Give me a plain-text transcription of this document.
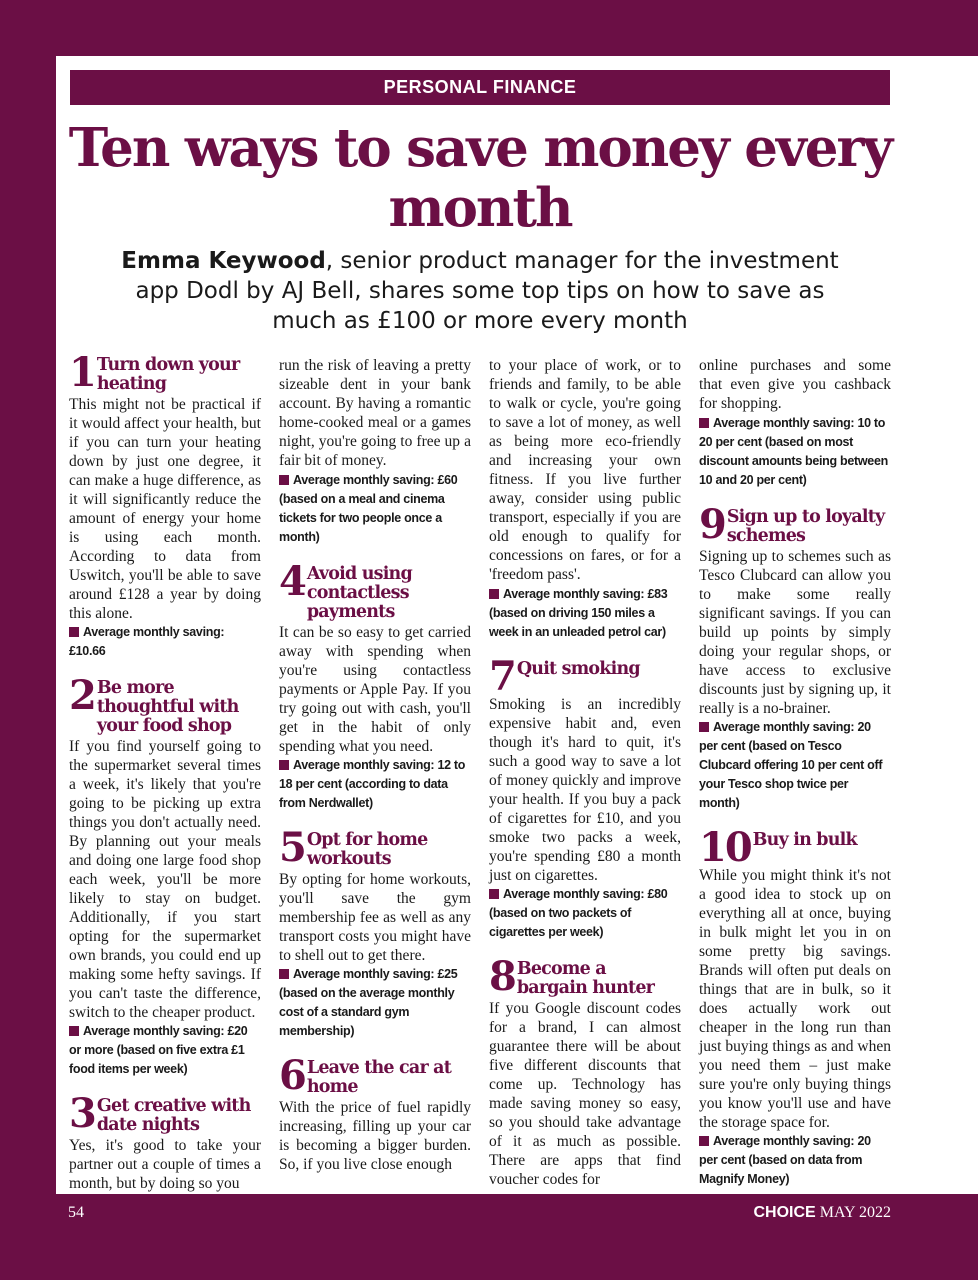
PERSONAL FINANCE
Ten ways to save money every month

Emma Keywood, senior product manager for the investment app Dodl by AJ Bell, shares some top tips on how to save as much as £100 or more every month

1 Turn down your heating

This might not be practical if it would affect your health, but if you can turn your heating down by just one degree, it can make a huge difference, as it will significantly reduce the amount of energy your home is using each month. According to data from Uswitch, you'll be able to save around £128 a year by doing this alone.

Average monthly saving: £10.66

2 Be more thoughtful with your food shop

If you find yourself going to the supermarket several times a week, it's likely that you're going to be picking up extra things you don't actually need. By planning out your meals and doing one large food shop each week, you'll be more likely to stay on budget. Additionally, if you start opting for the supermarket own brands, you could end up making some hefty savings. If you can't taste the difference, switch to the cheaper product.

Average monthly saving: £20 or more (based on five extra £1 food items per week)

3 Get creative with date nights

Yes, it's good to take your partner out a couple of times a month, but by doing so you

run the risk of leaving a pretty sizeable dent in your bank account. By having a romantic home-cooked meal or a games night, you're going to free up a fair bit of money.

Average monthly saving: £60 (based on a meal and cinema tickets for two people once a month)

4 Avoid using contactless payments

It can be so easy to get carried away with spending when you're using contactless payments or Apple Pay. If you try going out with cash, you'll get in the habit of only spending what you need.

Average monthly saving: 12 to 18 per cent (according to data from Nerdwallet)

5 Opt for home workouts

By opting for home workouts, you'll save the gym membership fee as well as any transport costs you might have to shell out to get there.

Average monthly saving: £25 (based on the average monthly cost of a standard gym membership)

6 Leave the car at home

With the price of fuel rapidly increasing, filling up your car is becoming a bigger burden. So, if you live close enough

to your place of work, or to friends and family, to be able to walk or cycle, you're going to save a lot of money, as well as being more eco-friendly and increasing your own fitness. If you live further away, consider using public transport, especially if you are old enough to qualify for concessions on fares, or for a 'freedom pass'.

Average monthly saving: £83 (based on driving 150 miles a week in an unleaded petrol car)

7 Quit smoking

Smoking is an incredibly expensive habit and, even though it's hard to quit, it's such a good way to save a lot of money quickly and improve your health. If you buy a pack of cigarettes for £10, and you smoke two packs a week, you're spending £80 a month just on cigarettes.

Average monthly saving: £80 (based on two packets of cigarettes per week)

8 Become a bargain hunter

If you Google discount codes for a brand, I can almost guarantee there will be about five different discounts that come up. Technology has made saving money so easy, so you should take advantage of it as much as possible. There are apps that find voucher codes for

online purchases and some that even give you cashback for shopping.

Average monthly saving: 10 to 20 per cent (based on most discount amounts being between 10 and 20 per cent)

9 Sign up to loyalty schemes

Signing up to schemes such as Tesco Clubcard can allow you to make some really significant savings. If you can build up points by simply doing your regular shops, or have access to exclusive discounts just by signing up, it really is a no-brainer.

Average monthly saving: 20 per cent (based on Tesco Clubcard offering 10 per cent off your Tesco shop twice per month)

10 Buy in bulk

While you might think it's not a good idea to stock up on everything all at once, buying in bulk might let you in on some pretty big savings. Brands will often put deals on things that are in bulk, so it does actually work out cheaper in the long run than just buying things as and when you need them – just make sure you're only buying things you know you'll use and have the storage space for.

Average monthly saving: 20 per cent (based on data from Magnify Money)

54	CHOICE MAY 2022
